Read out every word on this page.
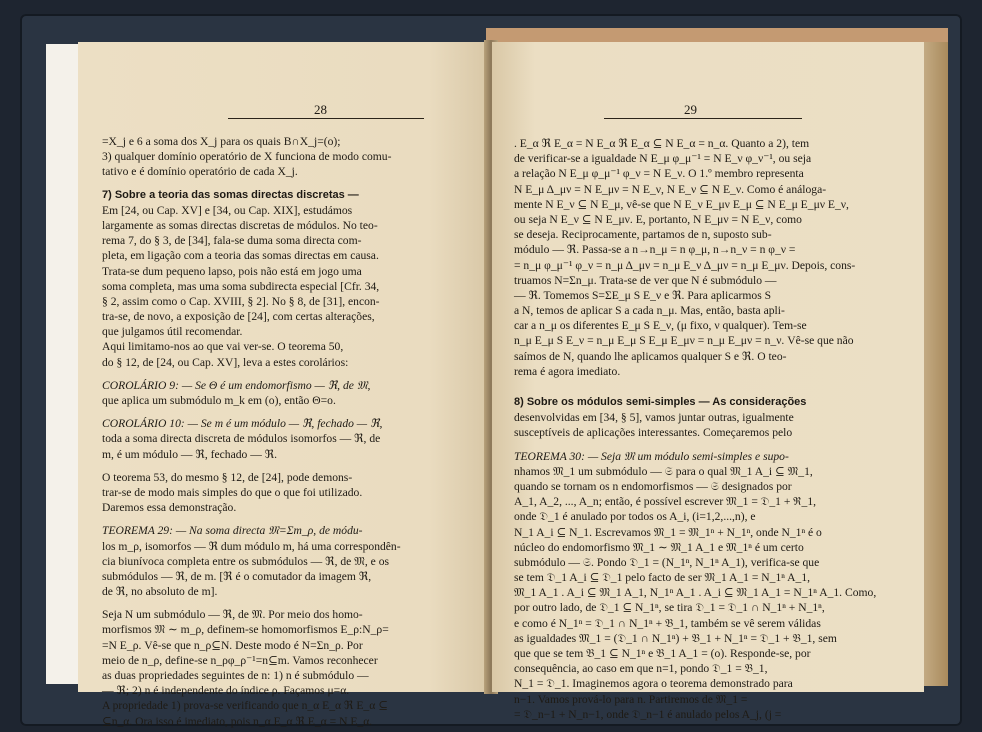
28
=X_j e 6 a soma dos X_j para os quais B∩X_j=(o);
3) qualquer domínio operatório de X funciona de modo comu-
tativo e é domínio operatório de cada X_j.
7) Sobre a teoria das somas directas discretas —
Em [24, ou Cap. XV] e [34, ou Cap. XIX], estudámos
largamente as somas directas discretas de módulos. No teo-
rema 7, do § 3, de [34], fala-se duma soma directa com-
pleta, em ligação com a teoria das somas directas em causa.
Trata-se dum pequeno lapso, pois não está em jogo uma
soma completa, mas uma soma subdirecta especial [Cfr. 34,
§ 2, assim como o Cap. XVIII, § 2]. No § 8, de [31], encon-
tra-se, de novo, a exposição de [24], com certas alterações,
que julgamos útil recomendar.
Aqui limitamo-nos ao que vai ver-se. O teorema 50,
do § 12, de [24, ou Cap. XV], leva a estes corolários:
COROLÁRIO 9: — Se Θ é um endomorfismo — ℜ, de 𝔐,
que aplica um submódulo m_k em (o), então Θ=o.
COROLÁRIO 10: — Se m é um módulo — ℜ, fechado — ℜ,
toda a soma directa discreta de módulos isomorfos — ℜ, de
m, é um módulo — ℜ, fechado — ℜ.
O teorema 53, do mesmo § 12, de [24], pode demons-
trar-se de modo mais simples do que o que foi utilizado.
Daremos essa demonstração.
TEOREMA 29: — Na soma directa 𝔐=Σm_ρ, de módu-
los m_ρ, isomorfos — ℜ dum módulo m, há uma correspondên-
cia biunívoca completa entre os submódulos — ℜ, de 𝔐, e os
submódulos — ℜ, de m. [ℜ é o comutador da imagem ℜ,
de ℜ, no absoluto de m].
Seja N um submódulo — ℜ, de 𝔐. Por meio dos homo-
morfismos 𝔐 ∼ m_ρ, definem-se homomorfismos E_ρ:N_ρ=
=N E_ρ. Vê-se que n_ρ⊆N. Deste modo é N=Σn_ρ. Por
meio de n_ρ, define-se n_ρφ_ρ⁻¹=n⊆m. Vamos reconhecer
as duas propriedades seguintes de n: 1) n é submódulo —
— ℜ; 2) n é independente do índice ρ. Façamos μ=α.
A propriedade 1) prova-se verificando que n_α E_α ℜ E_α ⊆
⊆n_α. Ora isso é imediato, pois n_α E_α ℜ E_α = N E_α.
29
. E_α ℜ E_α = N E_α ℜ E_α ⊆ N E_α = n_α. Quanto a 2), tem
de verificar-se a igualdade N E_μ φ_μ⁻¹ = N E_ν φ_ν⁻¹, ou seja
a relação N E_μ φ_μ⁻¹ φ_ν = N E_ν. O 1.º membro representa
N E_μ Δ_μν = N E_μν = N E_ν, N E_ν ⊆ N E_ν. Como é análoga-
mente N E_ν ⊆ N E_μ, vê-se que N E_ν E_μν E_μ ⊆ N E_μ E_μν E_ν,
ou seja N E_ν ⊆ N E_μν. E, portanto, N E_μν = N E_ν, como
se deseja. Reciprocamente, partamos de n, suposto sub-
módulo — ℜ. Passa-se a n→n_μ = n φ_μ, n→n_ν = n φ_ν =
= n_μ φ_μ⁻¹ φ_ν = n_μ Δ_μν = n_μ E_ν Δ_μν = n_μ E_μν. Depois, cons-
truamos N=Σn_μ. Trata-se de ver que N é submódulo —
— ℜ. Tomemos S=ΣE_μ S E_ν e ℜ. Para aplicarmos S
a N, temos de aplicar S a cada n_μ. Mas, então, basta apli-
car a n_μ os diferentes E_μ S E_ν, (μ fixo, ν qualquer). Tem-se
n_μ E_μ S E_ν = n_μ E_μ S E_μ E_μν = n_μ E_μν = n_ν. Vê-se que não
saímos de N, quando lhe aplicamos qualquer S e ℜ. O teo-
rema é agora imediato.
8) Sobre os módulos semi-simples — As considerações
desenvolvidas em [34, § 5], vamos juntar outras, igualmente
susceptíveis de aplicações interessantes. Começaremos pelo
TEOREMA 30: — Seja 𝔐 um módulo semi-simples e supo-
nhamos 𝔐_1 um submódulo — 𝔖 para o qual 𝔐_1 A_i ⊆ 𝔐_1,
quando se tornam os n endomorfismos — 𝔖 designados por
A_1, A_2, ..., A_n; então, é possível escrever 𝔐_1 = 𝔇_1 + ℜ_1,
onde 𝔇_1 é anulado por todos os A_i, (i=1,2,...,n), e
N_1 A_i ⊆ N_1. Escrevamos 𝔐_1 = 𝔐_1ⁿ + N_1ⁿ, onde N_1ⁿ é o
núcleo do endomorfismo 𝔐_1 ∼ 𝔐_1 A_1 e 𝔐_1ⁿ é um certo
submódulo — 𝔖. Pondo 𝔇_1 = (N_1ⁿ, N_1ⁿ A_1), verifica-se que
se tem 𝔇_1 A_i ⊆ 𝔇_1 pelo facto de ser 𝔐_1 A_1 = N_1ⁿ A_1,
𝔐_1 A_1 . A_i ⊆ 𝔐_1 A_1, N_1ⁿ A_1 . A_i ⊆ 𝔐_1 A_1 = N_1ⁿ A_1. Como,
por outro lado, de 𝔇_1 ⊆ N_1ⁿ, se tira 𝔇_1 = 𝔇_1 ∩ N_1ⁿ + N_1ⁿ,
e como é N_1ⁿ = 𝔇_1 ∩ N_1ⁿ + 𝔅_1, também se vê serem válidas
as igualdades 𝔐_1 = (𝔇_1 ∩ N_1ⁿ) + 𝔅_1 + N_1ⁿ = 𝔇_1 + 𝔅_1, sem
que que se tem 𝔅_1 ⊆ N_1ⁿ e 𝔅_1 A_1 = (o). Responde-se, por
consequência, ao caso em que n=1, pondo 𝔇_1 = 𝔅_1,
N_1 = 𝔇_1. Imaginemos agora o teorema demonstrado para
n−1. Vamos prová-lo para n. Partiremos de 𝔐_1 =
= 𝔇_n−1 + N_n−1, onde 𝔇_n−1 é anulado pelos A_j, (j =
